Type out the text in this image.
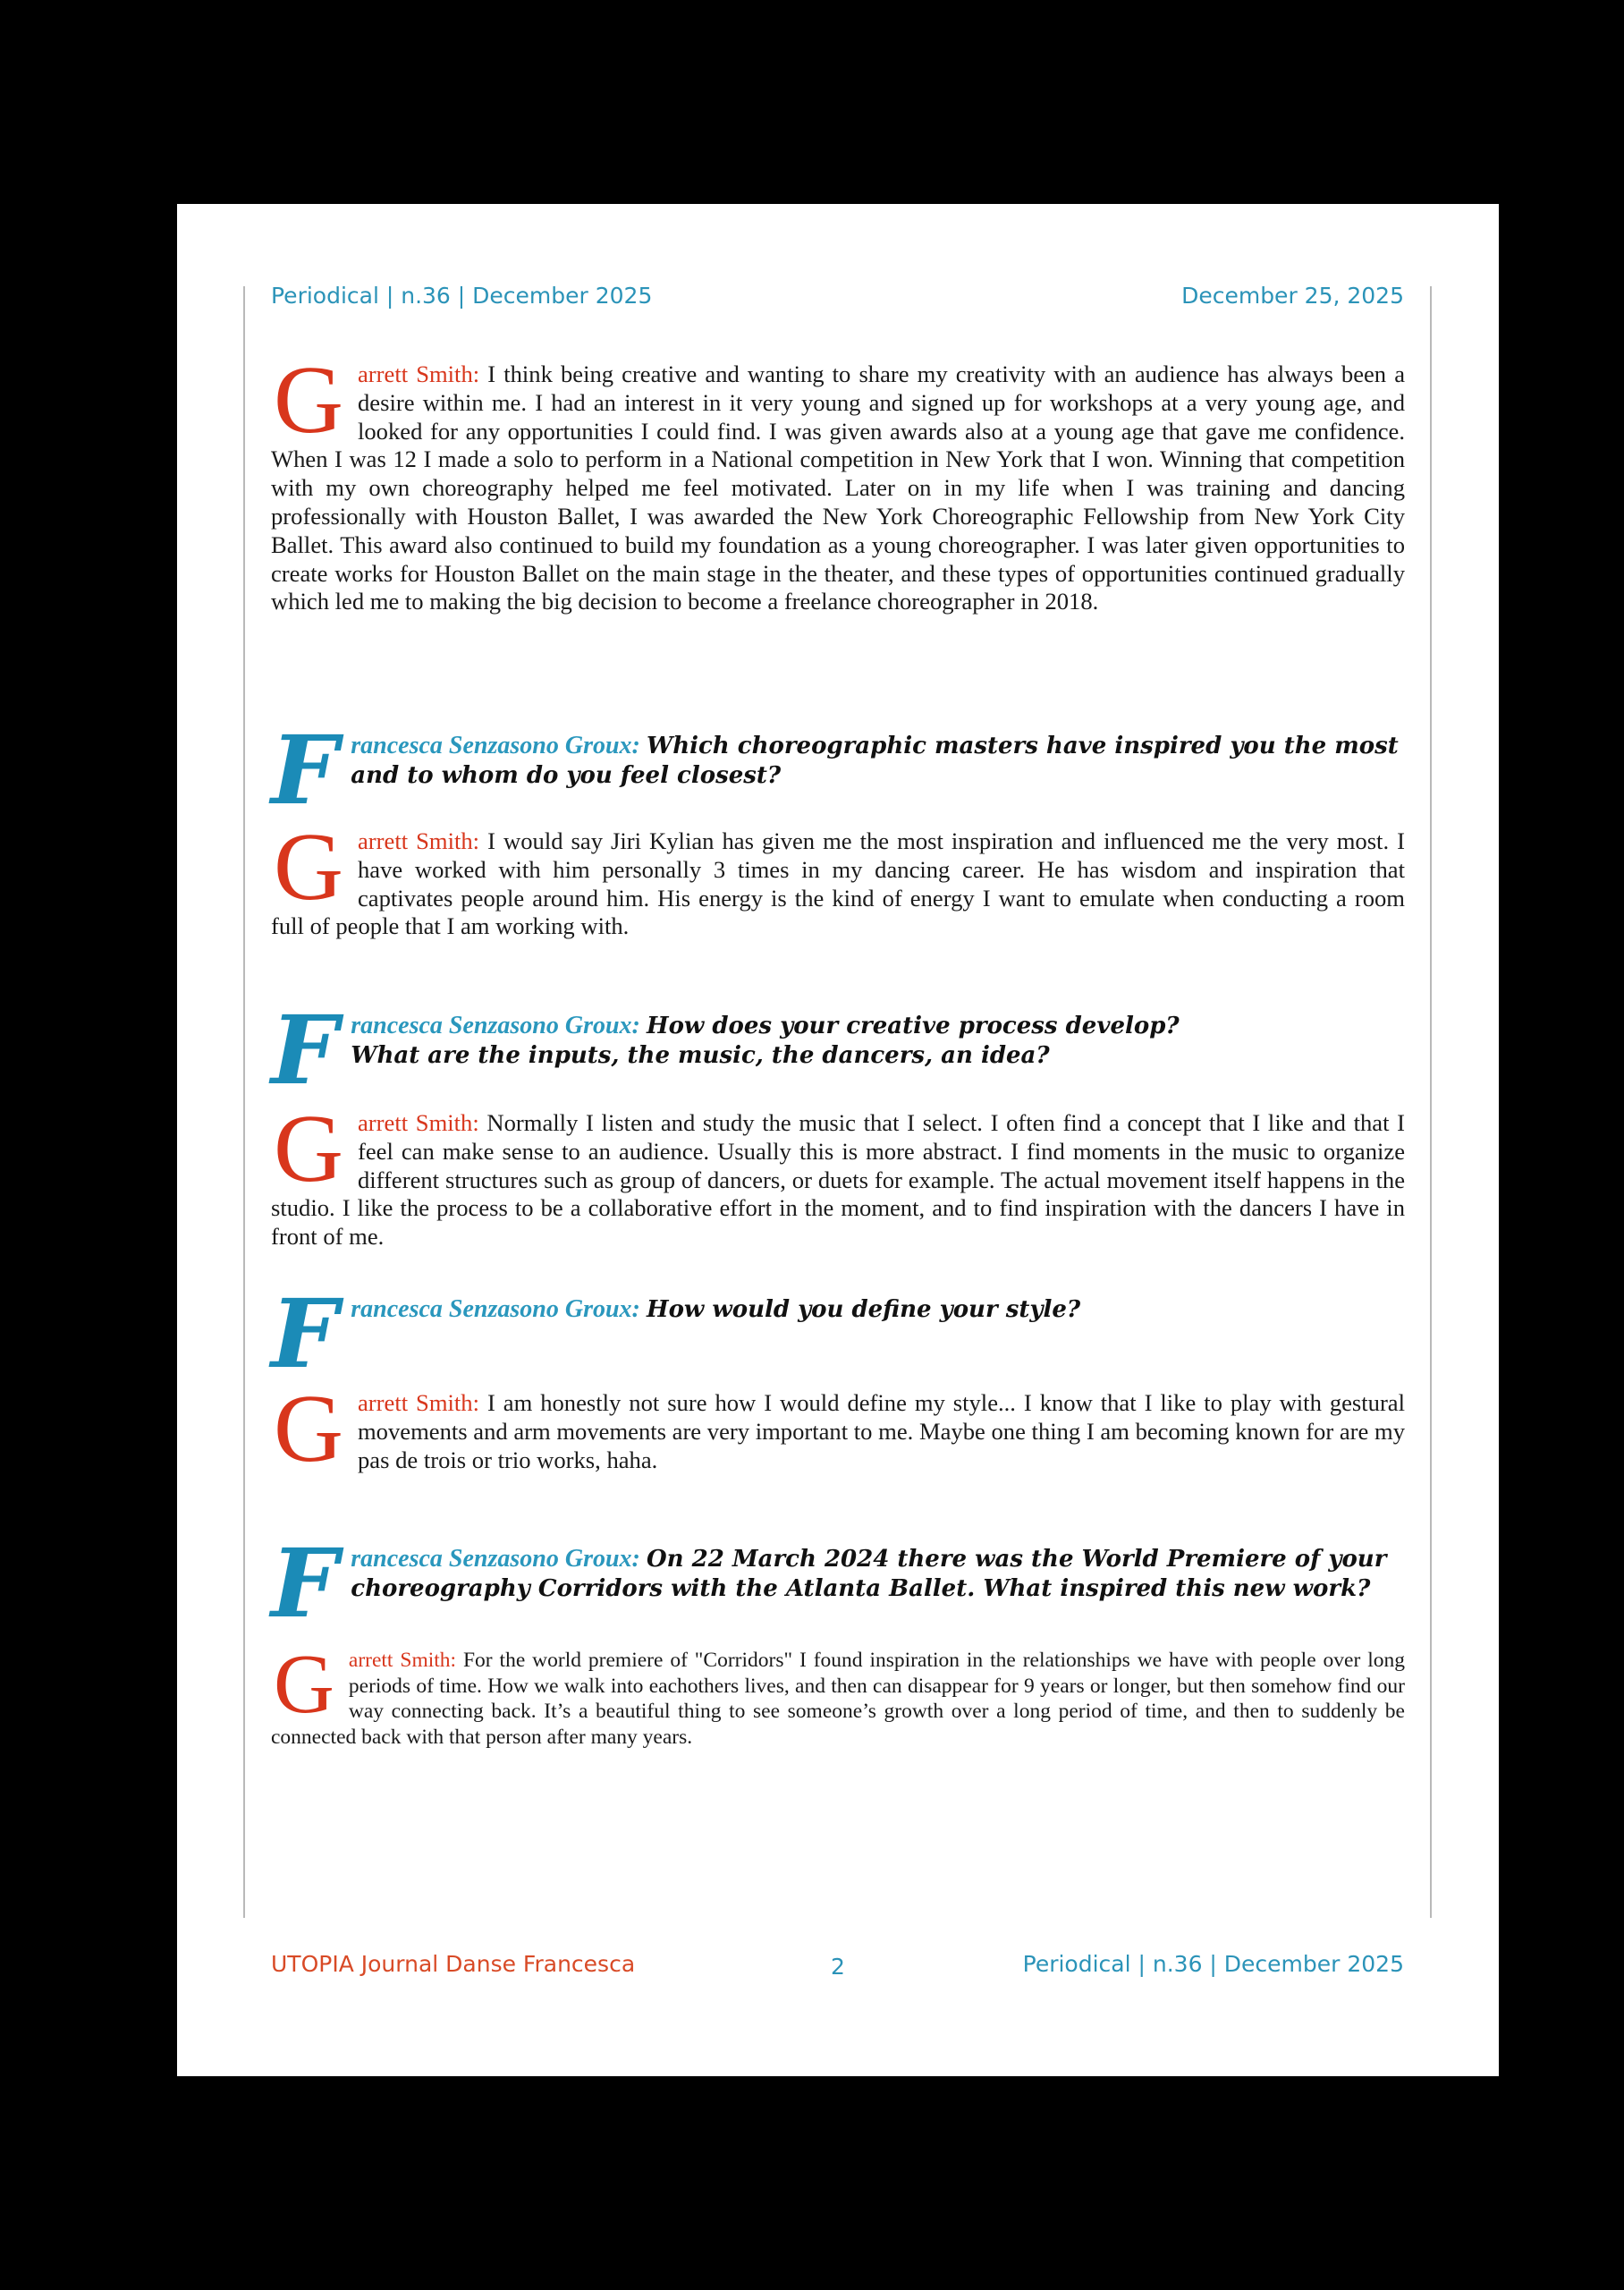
Periodical | n.36 | December 2025	December 25, 2025
Garrett Smith: I think being creative and wanting to share my creativity with an audience has always been a desire within me. I had an interest in it very young and signed up for workshops at a very young age, and looked for any opportunities I could find. I was given awards also at a young age that gave me confidence. When I was 12 I made a solo to perform in a National competition in New York that I won. Winning that competition with my own choreography helped me feel motivated. Later on in my life when I was training and dancing professionally with Houston Ballet, I was awarded the New York Choreographic Fellowship from New York City Ballet. This award also continued to build my foundation as a young choreographer. I was later given opportunities to create works for Houston Ballet on the main stage in the theater, and these types of opportunities continued gradually which led me to making the big decision to become a freelance choreographer in 2018.
Francesca Senzasono Groux: Which choreographic masters have inspired you the most and to whom do you feel closest?
Garrett Smith: I would say Jiri Kylian has given me the most inspiration and influenced me the very most. I have worked with him personally 3 times in my dancing career. He has wisdom and inspiration that captivates people around him. His energy is the kind of energy I want to emulate when conducting a room full of people that I am working with.
Francesca Senzasono Groux: How does your creative process develop?
What are the inputs, the music, the dancers, an idea?
Garrett Smith: Normally I listen and study the music that I select. I often find a concept that I like and that I feel can make sense to an audience. Usually this is more abstract. I find moments in the music to organize different structures such as group of dancers, or duets for example. The actual movement itself happens in the studio. I like the process to be a collaborative effort in the moment, and to find inspiration with the dancers I have in front of me.
Francesca Senzasono Groux: How would you define your style?
Garrett Smith: I am honestly not sure how I would define my style... I know that I like to play with gestural movements and arm movements are very important to me. Maybe one thing I am becoming known for are my pas de trois or trio works, haha.
Francesca Senzasono Groux: On 22 March 2024 there was the World Premiere of your choreography Corridors with the Atlanta Ballet. What inspired this new work?
Garrett Smith: For the world premiere of "Corridors" I found inspiration in the relationships we have with people over long periods of time. How we walk into eachothers lives, and then can disappear for 9 years or longer, but then somehow find our way connecting back. It’s a beautiful thing to see someone’s growth over a long period of time, and then to suddenly be connected back with that person after many years.
UTOPIA Journal Danse Francesca	2	Periodical | n.36 | December 2025
